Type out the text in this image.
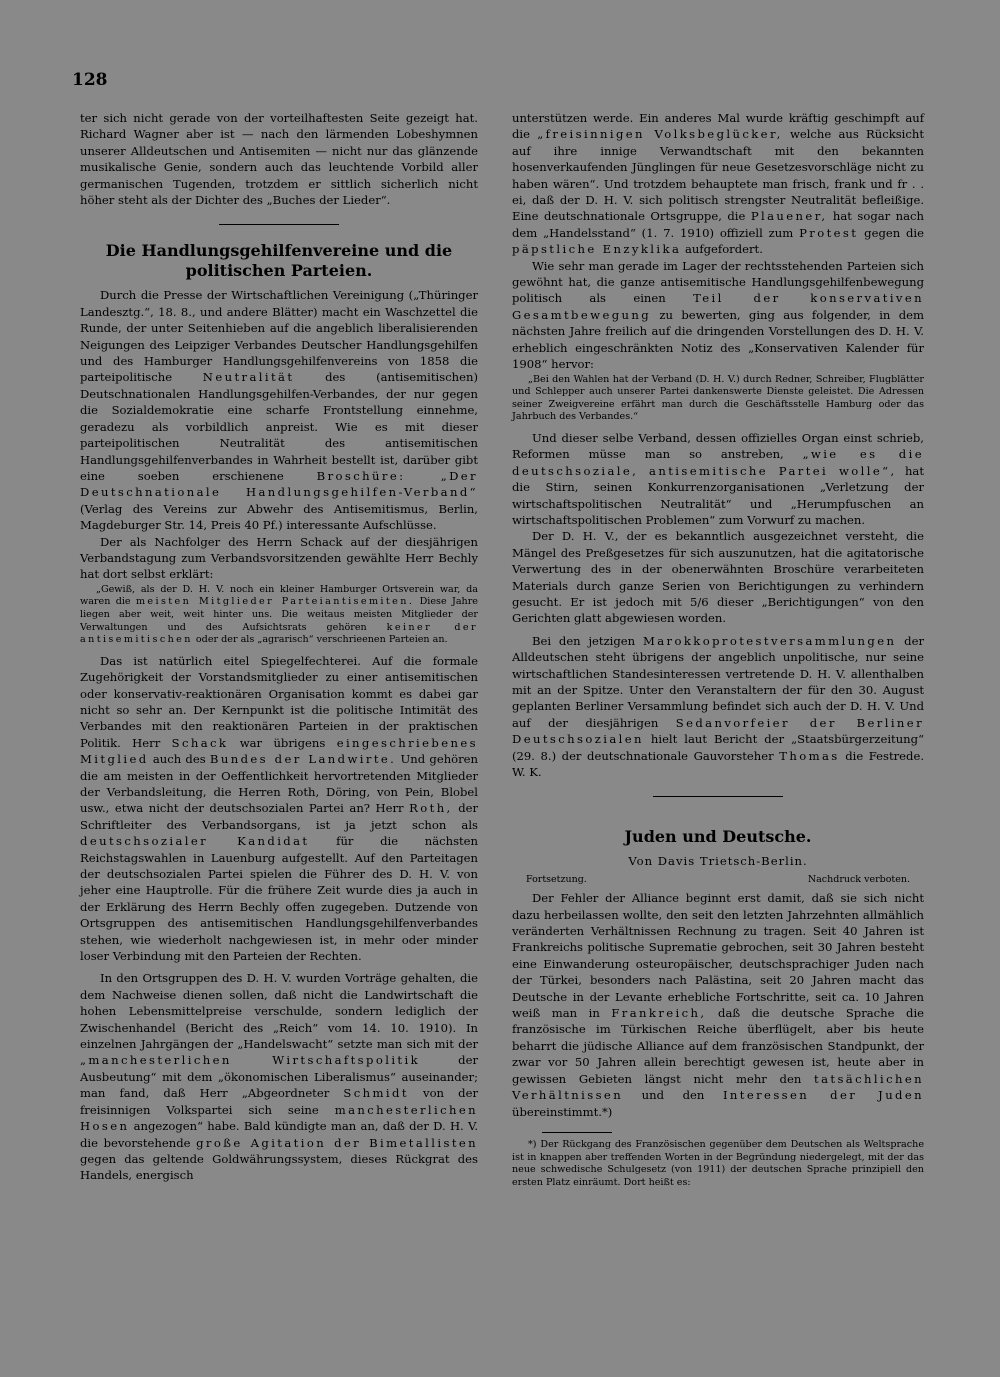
128

ter sich nicht gerade von der vorteilhaftesten Seite gezeigt hat. Richard Wagner aber ist — nach den lärmenden Lobeshymnen unserer Alldeutschen und Antisemiten — nicht nur das glänzende musikalische Genie, sondern auch das leuchtende Vorbild aller germanischen Tugenden, trotzdem er sittlich sicherlich nicht höher steht als der Dichter des „Buches der Lieder“.

Die Handlungsgehilfenvereine und die politischen Parteien.

Durch die Presse der Wirtschaftlichen Vereinigung („Thüringer Landesztg.“, 18. 8., und andere Blätter) macht ein Waschzettel die Runde, der unter Seitenhieben auf die angeblich liberalisierenden Neigungen des Leipziger Verbandes Deutscher Handlungsgehilfen und des Hamburger Handlungsgehilfenvereins von 1858 die parteipolitische	Neutralität	des (antisemitischen) Deutschnationalen Handlungsgehilfen-Verbandes, der nur gegen die Sozialdemokratie eine scharfe Frontstellung einnehme, geradezu als vorbildlich anpreist. Wie es mit dieser parteipolitischen Neutralität des antisemitischen Handlungsgehilfenverbandes in Wahrheit bestellt ist, darüber gibt eine soeben erschienene	Broschüre: „Der Deutschnationale Handlungsgehilfen-Verband“ (Verlag des Vereins zur Abwehr des Antisemitismus, Berlin, Magdeburger Str. 14, Preis 40 Pf.) interessante Aufschlüsse.

Der als Nachfolger des Herrn Schack auf der diesjährigen Verbandstagung zum Verbandsvorsitzenden gewählte Herr Bechly hat dort selbst erklärt:

„Gewiß, als der D. H. V. noch ein kleiner Hamburger Ortsverein war, da waren die meisten Mitglieder Parteiantisemiten. Diese Jahre liegen aber weit, weit hinter uns. Die weitaus meisten Mitglieder der Verwaltungen und des Aufsichtsrats gehören keiner der antisemitischen oder der als „agrarisch“ verschrieenen Parteien an.

Das ist natürlich eitel Spiegelfechterei. Auf die formale Zugehörigkeit der Vorstandsmitglieder zu einer antisemitischen oder konservativ-reaktionären Organisation kommt es dabei gar nicht so sehr an. Der Kernpunkt ist die politische Intimität des Verbandes mit den reaktionären Parteien in der praktischen Politik. Herr Schack war übrigens eingeschriebenes Mitglied auch des Bundes der Landwirte. Und gehören die am meisten in der Oeffentlichkeit hervortretenden Mitglieder der Verbandsleitung, die Herren Roth, Döring, von Pein, Blobel usw., etwa nicht der deutschsozialen Partei an? Herr Roth, der Schriftleiter des Verbandsorgans, ist ja jetzt schon als deutschsozialer Kandidat für die nächsten Reichstagswahlen in Lauenburg aufgestellt. Auf den Parteitagen der deutschsozialen Partei spielen die Führer des D. H. V. von jeher eine Hauptrolle. Für die frühere Zeit wurde dies ja auch in der Erklärung des Herrn Bechly offen zugegeben. Dutzende von Ortsgruppen des antisemitischen Handlungsgehilfenverbandes stehen, wie wiederholt nachgewiesen ist, in mehr oder minder loser Verbindung mit den Parteien der Rechten.

In den Ortsgruppen des D. H. V. wurden Vorträge gehalten, die dem Nachweise dienen sollen, daß nicht die Landwirtschaft die hohen Lebensmittelpreise verschulde, sondern lediglich der Zwischenhandel (Bericht des „Reich“ vom 14. 10. 1910). In einzelnen Jahrgängen der „Handelswacht“ setzte man sich mit der „manchesterlichen Wirtschaftspolitik	der Ausbeutung“ mit dem „ökonomischen Liberalismus“ auseinander; man fand, daß Herr „Abgeordneter Schmidt von der freisinnigen Volkspartei sich seine manchesterlichen Hosen angezogen“ habe. Bald kündigte man an, daß der D. H. V. die bevorstehende große Agitation der Bimetallisten gegen das geltende Goldwährungssystem, dieses Rückgrat des Handels, energisch

unterstützen werde. Ein anderes Mal wurde kräftig geschimpft auf die „freisinnigen Volksbeglücker, welche aus Rücksicht auf ihre innige Verwandtschaft mit den bekannten hosenverkaufenden Jünglingen für neue Gesetzesvorschläge nicht zu haben wären“. Und trotzdem behauptete man frisch, frank und fr . . ei, daß der D. H. V. sich politisch strengster Neutralität befleißige. Eine deutschnationale Ortsgruppe, die Plauener, hat sogar nach dem „Handelsstand“ (1. 7. 1910) offiziell zum Protest gegen die päpstliche Enzyklika aufgefordert.

Wie sehr man gerade im Lager der rechtsstehenden Parteien sich gewöhnt hat, die ganze antisemitische Handlungsgehilfenbewegung politisch als einen Teil der konservativen Gesamtbewegung zu bewerten, ging aus folgender, in dem nächsten Jahre freilich auf die dringenden Vorstellungen des D. H. V. erheblich eingeschränkten Notiz des „Konservativen Kalender für 1908“ hervor:

„Bei den Wahlen hat der Verband (D. H. V.) durch Redner, Schreiber, Flugblätter und Schlepper auch unserer Partei dankenswerte Dienste geleistet. Die Adressen seiner Zweigvereine erfährt man durch die Geschäftsstelle Hamburg oder das Jahrbuch des Verbandes.“

Und dieser selbe Verband, dessen offizielles Organ einst schrieb, Reformen müsse man so anstreben, „wie es die deutschsoziale, antisemitische Partei wolle“, hat die Stirn, seinen Konkurrenzorganisationen „Verletzung der wirtschaftspolitischen Neutralität“ und „Herumpfuschen an wirtschaftspolitischen Problemen“ zum Vorwurf zu machen.

Der D. H. V., der es bekanntlich ausgezeichnet versteht, die Mängel des Preßgesetzes für sich auszunutzen, hat die agitatorische Verwertung des in der obenerwähnten Broschüre verarbeiteten Materials durch ganze Serien von Berichtigungen zu verhindern gesucht. Er ist jedoch mit 5/6 dieser „Berichtigungen“ von den Gerichten glatt abgewiesen worden.

Bei den jetzigen Marokkoprotestversammlungen der Alldeutschen steht übrigens der angeblich unpolitische, nur seine wirtschaftlichen Standesinteressen vertretende D. H. V. allenthalben mit an der Spitze. Unter den Veranstaltern der für den 30. August geplanten Berliner Versammlung befindet sich auch der D. H. V. Und auf der diesjährigen Sedanvorfeier der Berliner Deutschsozialen hielt laut Bericht der „Staatsbürgerzeitung“ (29. 8.) der deutschnationale Gauvorsteher Thomas die Festrede. W. K.

Juden und Deutsche.

Von Davis Trietsch-Berlin.

Fortsetzung.	Nachdruck verboten.

Der Fehler der Alliance beginnt erst damit, daß sie sich nicht dazu herbeilassen wollte, den seit den letzten Jahrzehnten allmählich veränderten Verhältnissen Rechnung zu tragen. Seit 40 Jahren ist Frankreichs politische Suprematie gebrochen, seit 30 Jahren besteht eine Einwanderung osteuropäischer, deutschsprachiger Juden nach der Türkei, besonders nach Palästina, seit 20 Jahren macht das Deutsche in der Levante erhebliche Fortschritte, seit ca. 10 Jahren weiß man in Frankreich, daß die deutsche Sprache die französische im Türkischen Reiche überflügelt, aber bis heute beharrt die jüdische Alliance auf dem französischen Standpunkt, der zwar vor 50 Jahren allein berechtigt gewesen ist, heute aber in gewissen Gebieten längst nicht mehr den tatsächlichen Verhältnissen und den Interessen der Juden übereinstimmt.*)

*) Der Rückgang des Französischen gegenüber dem Deutschen als Weltsprache ist in knappen aber treffenden Worten in der Begründung niedergelegt, mit der das neue schwedische Schulgesetz (von 1911) der deutschen Sprache prinzipiell den ersten Platz einräumt. Dort heißt es:
